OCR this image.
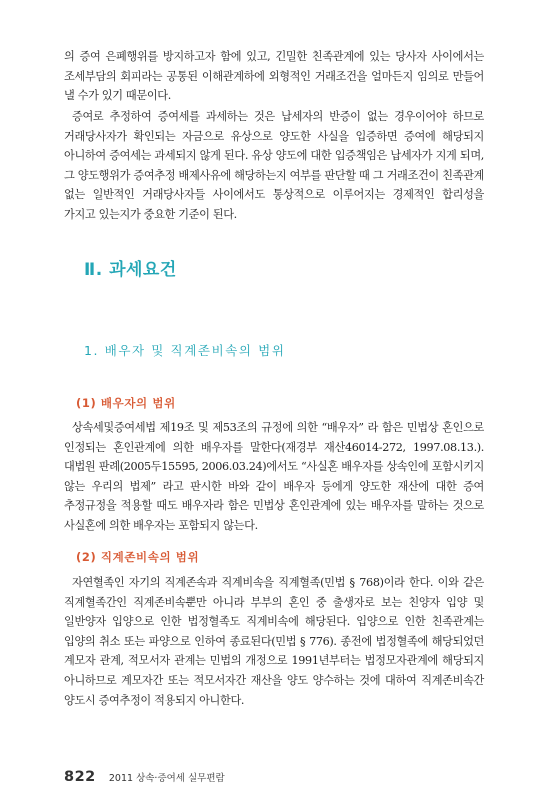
의 증여 은폐행위를 방지하고자 함에 있고, 긴밀한 친족관계에 있는 당사자 사이에서는 조세부담의 회피라는 공통된 이해관계하에 외형적인 거래조건을 얼마든지 임의로 만들어 낼 수가 있기 때문이다.

증여로 추정하여 증여세를 과세하는 것은 납세자의 반증이 없는 경우이어야 하므로 거래당사자가 확인되는 자금으로 유상으로 양도한 사실을 입증하면 증여에 해당되지 아니하여 증여세는 과세되지 않게 된다. 유상 양도에 대한 입증책임은 납세자가 지게 되며, 그 양도행위가 증여추정 배제사유에 해당하는지 여부를 판단할 때 그 거래조건이 친족관계 없는 일반적인 거래당사자들 사이에서도 통상적으로 이루어지는 경제적인 합리성을 가지고 있는지가 중요한 기준이 된다.

Ⅱ. 과세요건
1. 배우자 및 직계존비속의 범위
(1) 배우자의 범위

상속세및증여세법 제19조 및 제53조의 규정에 의한 “배우자” 라 함은 민법상 혼인으로 인정되는 혼인관계에 의한 배우자를 말한다(재경부 재산46014-272, 1997.08.13.). 대법원 판례(2005두15595, 2006.03.24)에서도 “사실혼 배우자를 상속인에 포함시키지 않는 우리의 법제” 라고 판시한 바와 같이 배우자 등에게 양도한 재산에 대한 증여 추정규정을 적용할 때도 배우자라 함은 민법상 혼인관계에 있는 배우자를 말하는 것으로 사실혼에 의한 배우자는 포함되지 않는다.

(2) 직계존비속의 범위

자연혈족인 자기의 직계존속과 직계비속을 직계혈족(민법 § 768)이라 한다. 이와 같은 직계혈족간인 직계존비속뿐만 아니라 부부의 혼인 중 출생자로 보는 친양자 입양 및 일반양자 입양으로 인한 법정혈족도 직계비속에 해당된다. 입양으로 인한 친족관계는 입양의 취소 또는 파양으로 인하여 종료된다(민법 § 776). 종전에 법정혈족에 해당되었던 계모자 관계, 적모서자 관계는 민법의 개정으로 1991년부터는 법정모자관계에 해당되지 아니하므로 계모자간 또는 적모서자간 재산을 양도 양수하는 것에 대하여 직계존비속간 양도시 증여추정이 적용되지 아니한다.

822 2011 상속·증여세 실무편람
